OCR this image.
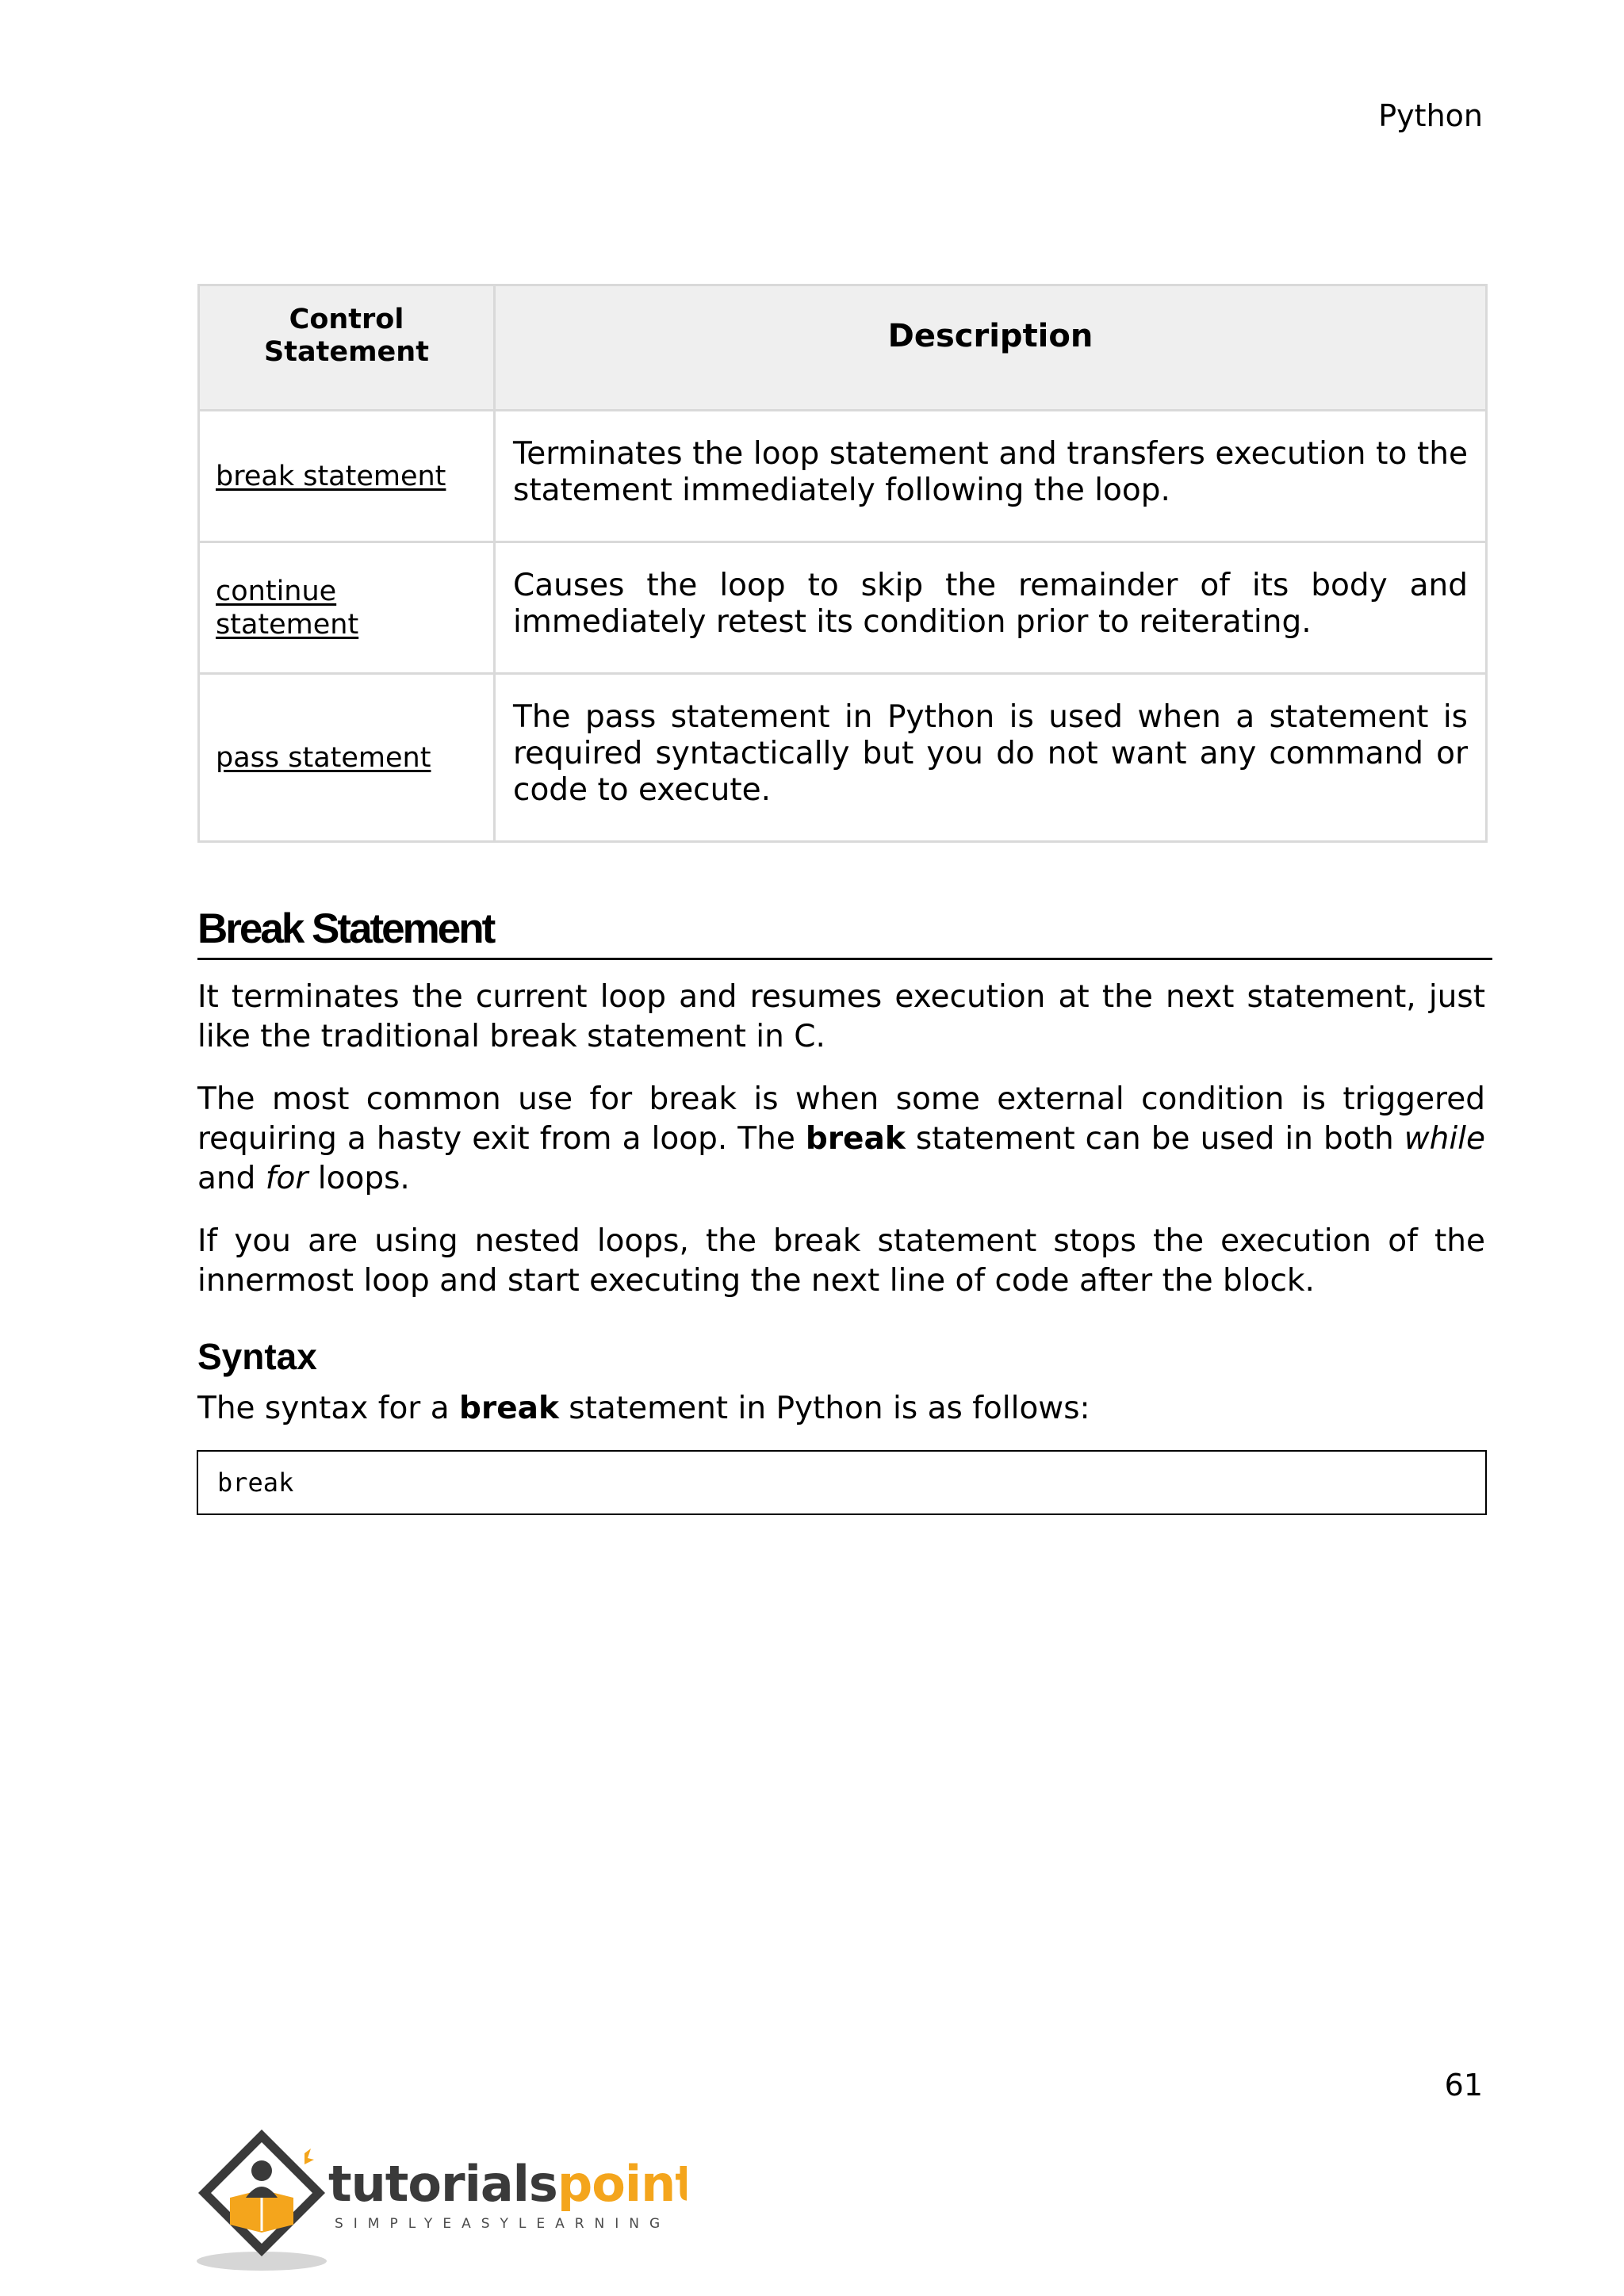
Python
Control Statement	Description
break statement	Terminates the loop statement and transfers execution to the statement immediately following the loop.
continue statement	Causes the loop to skip the remainder of its body and immediately retest its condition prior to reiterating.
pass statement	The pass statement in Python is used when a statement is required syntactically but you do not want any command or code to execute.
Break Statement

It terminates the current loop and resumes execution at the next statement, just like the traditional break statement in C.

The most common use for break is when some external condition is triggered requiring a hasty exit from a loop. The break statement can be used in both while and for loops.

If you are using nested loops, the break statement stops the execution of the innermost loop and start executing the next line of code after the block.

Syntax

The syntax for a break statement in Python is as follows:

break
61
tutorialspoint
SIMPLYEASYLEARNING
